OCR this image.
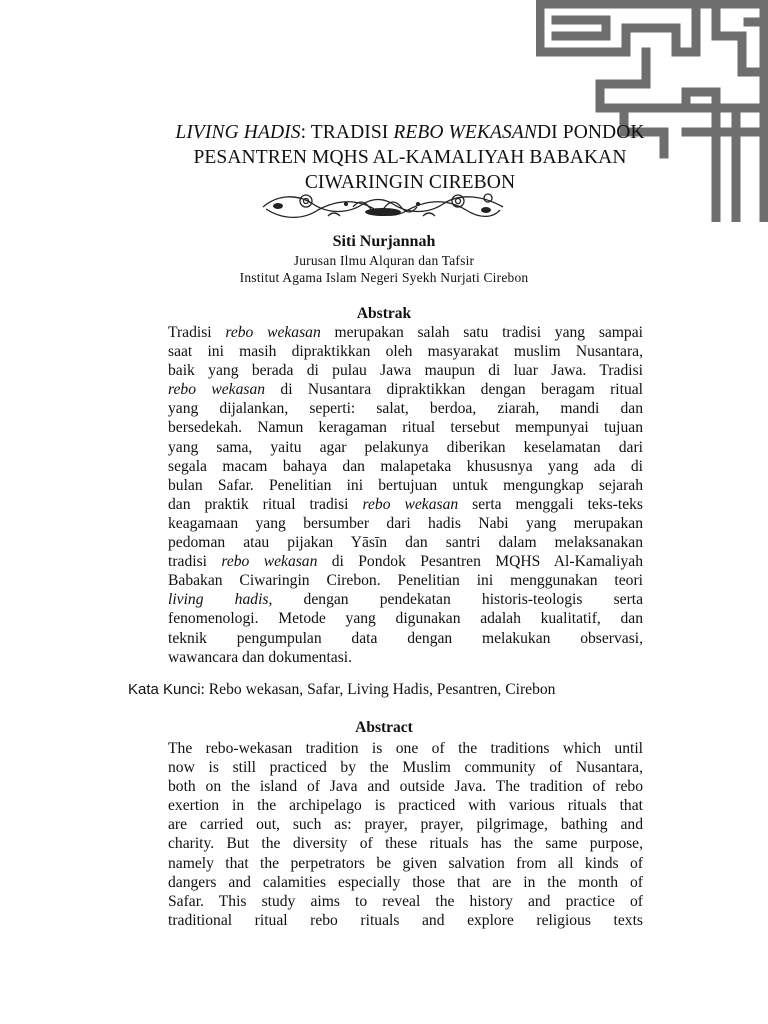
LIVING HADIS: TRADISI REBO WEKASANDI PONDOK
PESANTREN MQHS AL-KAMALIYAH BABAKAN
CIWARINGIN CIREBON
Siti Nurjannah
Jurusan Ilmu Alquran dan Tafsir
Institut Agama Islam Negeri Syekh Nurjati Cirebon
Abstrak
Tradisi rebo wekasan merupakan salah satu tradisi yang sampai
saat ini masih dipraktikkan oleh masyarakat muslim Nusantara,
baik yang berada di pulau Jawa maupun di luar Jawa. Tradisi
rebo wekasan di Nusantara dipraktikkan dengan beragam ritual
yang dijalankan, seperti: salat, berdoa, ziarah, mandi dan
bersedekah. Namun keragaman ritual tersebut mempunyai tujuan
yang sama, yaitu agar pelakunya diberikan keselamatan dari
segala macam bahaya dan malapetaka khususnya yang ada di
bulan Safar. Penelitian ini bertujuan untuk mengungkap sejarah
dan praktik ritual tradisi rebo wekasan serta menggali teks-teks
keagamaan yang bersumber dari hadis Nabi yang merupakan
pedoman atau pijakan Yāsīn dan santri dalam melaksanakan
tradisi rebo wekasan di Pondok Pesantren MQHS Al-Kamaliyah
Babakan Ciwaringin Cirebon. Penelitian ini menggunakan teori
living hadis, dengan pendekatan historis-teologis serta
fenomenologi. Metode yang digunakan adalah kualitatif, dan
teknik pengumpulan data dengan melakukan observasi,
wawancara dan dokumentasi.
Kata Kunci: Rebo wekasan, Safar, Living Hadis, Pesantren, Cirebon
Abstract
The rebo-wekasan tradition is one of the traditions which until
now is still practiced by the Muslim community of Nusantara,
both on the island of Java and outside Java. The tradition of rebo
exertion in the archipelago is practiced with various rituals that
are carried out, such as: prayer, prayer, pilgrimage, bathing and
charity. But the diversity of these rituals has the same purpose,
namely that the perpetrators be given salvation from all kinds of
dangers and calamities especially those that are in the month of
Safar. This study aims to reveal the history and practice of
traditional ritual rebo rituals and explore religious texts
